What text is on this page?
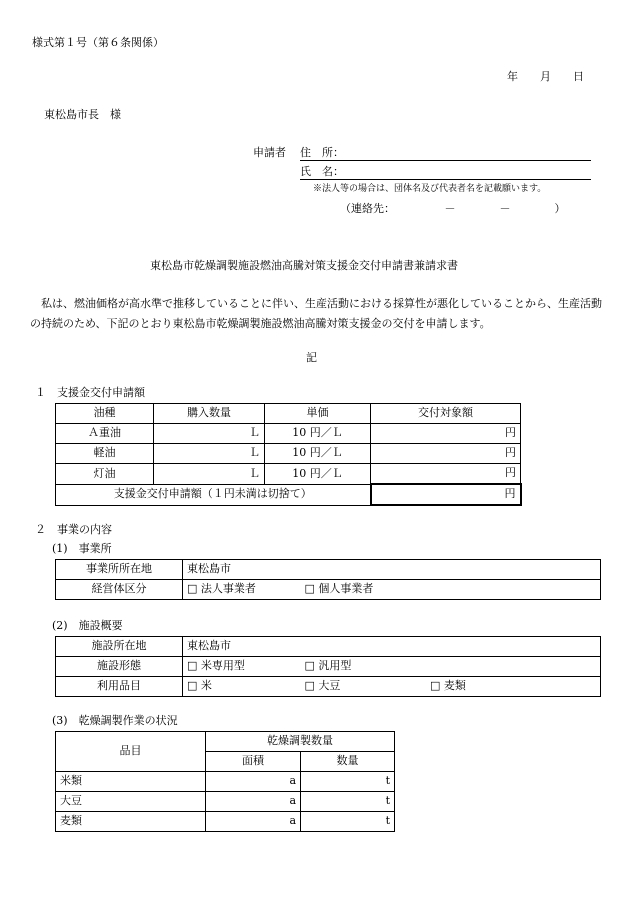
様式第１号（第６条関係）
年　　月　　日
東松島市長　様
申請者 住　所：
氏　名：
※法人等の場合は、団体名及び代表者名を記載願います。
（連絡先：　　　　　－　　　　－　　　　）
東松島市乾燥調製施設燃油高騰対策支援金交付申請書兼請求書
私は、燃油価格が高水準で推移していることに伴い、生産活動における採算性が悪化していることから、生産活動の持続のため、下記のとおり東松島市乾燥調製施設燃油高騰対策支援金の交付を申請します。
記
１　支援金交付申請額
油種	購入数量	単価	交付対象額
Ａ重油	Ｌ	10 円／Ｌ	円
軽油	Ｌ	10 円／Ｌ	円
灯油	Ｌ	10 円／Ｌ	円
支援金交付申請額（１円未満は切捨て）			円
２　事業の内容
(1)　事業所
事業所所在地	東松島市
経営体区分	□ 法人事業者 □ 個人事業者
(2)　施設概要
施設所在地	東松島市
施設形態	□ 米専用型 □ 汎用型
利用品目	□ 米 □ 大豆 □ 麦類
(3)　乾燥調製作業の状況
品目	乾燥調製数量	
	面積	数量
米類	a	t
大豆	a	t
麦類	a	t
